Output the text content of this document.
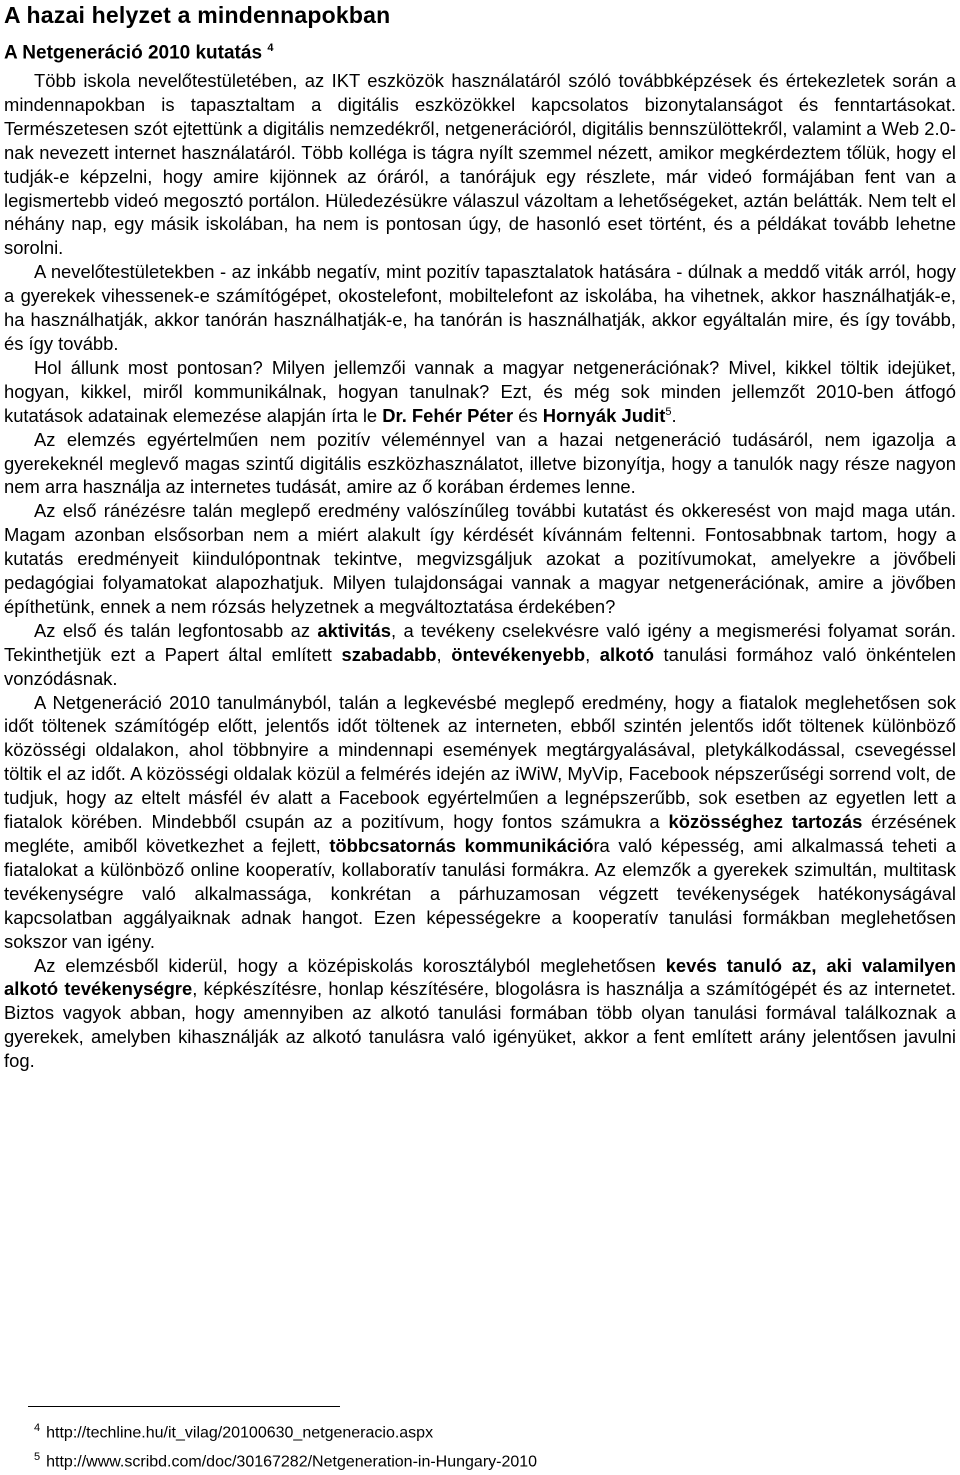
A hazai helyzet a mindennapokban
A Netgeneráció 2010 kutatás $^4$

Több iskola nevelőtestületében, az IKT eszközök használatáról szóló továbbképzések és értekezletek során a mindennapokban is tapasztaltam a digitális eszközökkel kapcsolatos bizonytalanságot és fenntartásokat. Természetesen szót ejtettünk a digitális nemzedékről, netgenerációról, digitális bennszülöttekről, valamint a Web 2.0-nak nevezett internet használatáról. Több kolléga is tágra nyílt szemmel nézett, amikor megkérdeztem tőlük, hogy el tudják-e képzelni, hogy amire kijönnek az óráról, a tanórájuk egy részlete, már videó formájában fent van a legismertebb videó megosztó portálon. Hüledezésükre válaszul vázoltam a lehetőségeket, aztán belátták. Nem telt el néhány nap, egy másik iskolában, ha nem is pontosan úgy, de hasonló eset történt, és a példákat tovább lehetne sorolni.

A nevelőtestületekben - az inkább negatív, mint pozitív tapasztalatok hatására - dúlnak a meddő viták arról, hogy a gyerekek vihessenek-e számítógépet, okostelefont, mobiltelefont az iskolába, ha vihetnek, akkor használhatják-e, ha használhatják, akkor tanórán használhatják-e, ha tanórán is használhatják, akkor egyáltalán mire, és így tovább, és így tovább.

Hol állunk most pontosan? Milyen jellemzői vannak a magyar netgenerációnak? Mivel, kikkel töltik idejüket, hogyan, kikkel, miről kommunikálnak, hogyan tanulnak? Ezt, és még sok minden jellemzőt 2010-ben átfogó kutatások adatainak elemezése alapján írta le Dr. Fehér Péter és Hornyák Judit$^5$.

Az elemzés egyértelműen nem pozitív véleménnyel van a hazai netgeneráció tudásáról, nem igazolja a gyerekeknél meglevő magas szintű digitális eszközhasználatot, illetve bizonyítja, hogy a tanulók nagy része nagyon nem arra használja az internetes tudását, amire az ő korában érdemes lenne.

Az első ránézésre talán meglepő eredmény valószínűleg további kutatást és okkeresést von majd maga után. Magam azonban elsősorban nem a miért alakult így kérdését kívánnám feltenni. Fontosabbnak tartom, hogy a kutatás eredményeit kiindulópontnak tekintve, megvizsgáljuk azokat a pozitívumokat, amelyekre a jövőbeli pedagógiai folyamatokat alapozhatjuk. Milyen tulajdonságai vannak a magyar netgenerációnak, amire a jövőben építhetünk, ennek a nem rózsás helyzetnek a megváltoztatása érdekében?

Az első és talán legfontosabb az aktivitás, a tevékeny cselekvésre való igény a megismerési folyamat során. Tekinthetjük ezt a Papert által említett szabadabb, öntevékenyebb, alkotó tanulási formához való önkéntelen vonzódásnak.

A Netgeneráció 2010 tanulmányból, talán a legkevésbé meglepő eredmény, hogy a fiatalok meglehetősen sok időt töltenek számítógép előtt, jelentős időt töltenek az interneten, ebből szintén jelentős időt töltenek különböző közösségi oldalakon, ahol többnyire a mindennapi események megtárgyalásával, pletykálkodással, csevegéssel töltik el az időt. A közösségi oldalak közül a felmérés idején az iWiW, MyVip, Facebook népszerűségi sorrend volt, de tudjuk, hogy az eltelt másfél év alatt a Facebook egyértelműen a legnépszerűbb, sok esetben az egyetlen lett a fiatalok körében. Mindebből csupán az a pozitívum, hogy fontos számukra a közösséghez tartozás érzésének megléte, amiből következhet a fejlett, többcsatornás kommunikációra való képesség, ami alkalmassá teheti a fiatalokat a különböző online kooperatív, kollaboratív tanulási formákra. Az elemzők a gyerekek szimultán, multitask tevékenységre való alkalmassága, konkrétan a párhuzamosan végzett tevékenységek hatékonyságával kapcsolatban aggályaiknak adnak hangot. Ezen képességekre a kooperatív tanulási formákban meglehetősen sokszor van igény.

Az elemzésből kiderül, hogy a középiskolás korosztályból meglehetősen kevés tanuló az, aki valamilyen alkotó tevékenységre, képkészítésre, honlap készítésére, blogolásra is használja a számítógépét és az internetet. Biztos vagyok abban, hogy amennyiben az alkotó tanulási formában több olyan tanulási formával találkoznak a gyerekek, amelyben kihasználják az alkotó tanulásra való igényüket, akkor a fent említett arány jelentősen javulni fog.

$^4$ http://techline.hu/it_vilag/20100630_netgeneracio.aspx
$^5$ http://www.scribd.com/doc/30167282/Netgeneration-in-Hungary-2010
